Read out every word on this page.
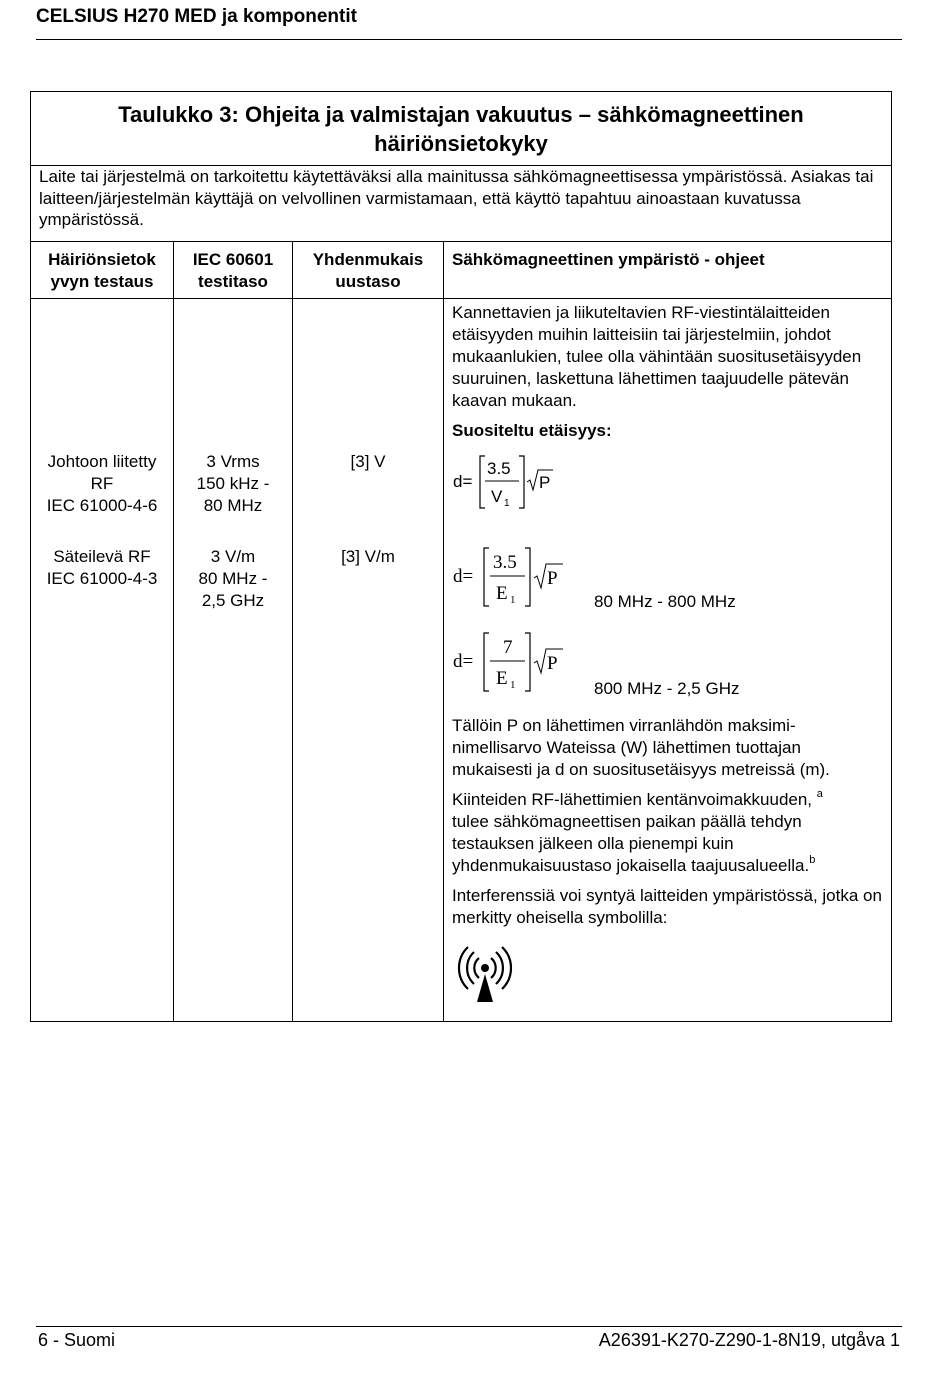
CELSIUS H270 MED ja komponentit
Taulukko 3: Ohjeita ja valmistajan vakuutus – sähkömagneettinen
häiriönsietokyky
Laite tai järjestelmä on tarkoitettu käytettäväksi alla mainitussa sähkömagneettisessa ympäristössä. Asiakas tai laitteen/järjestelmän käyttäjä on velvollinen varmistamaan, että käyttö tapahtuu ainoastaan kuvatussa ympäristössä.
Häiriönsietok
yvyn testaus
IEC 60601
testitaso
Yhdenmukais
uustaso
Sähkömagneettinen ympäristö - ohjeet
Kannettavien ja liikuteltavien RF-viestintälaitteiden etäisyyden muihin laitteisiin tai järjestelmiin, johdot mukaanlukien, tulee olla vähintään suositusetäisyyden suuruinen, laskettuna lähettimen taajuudelle pätevän kaavan mukaan.
Suositeltu etäisyys:
Johtoon liitetty
RF
IEC 61000-4-6
3 Vrms
150 kHz -
80 MHz
[3] V
d=
3.5
V 1
P
Säteilevä RF
IEC 61000-4-3
3 V/m
80 MHz -
2,5 GHz
[3] V/m
d=
3.5
E 1
P
80 MHz - 800 MHz
d=
7
E 1
P
800 MHz - 2,5 GHz
Tällöin P on lähettimen virranlähdön maksimi-nimellisarvo Wateissa (W) lähettimen tuottajan mukaisesti ja d on suositusetäisyys metreissä (m).
Kiinteiden RF-lähettimien kentänvoimakkuuden, $^a$
tulee sähkömagneettisen paikan päällä tehdyn
testauksen jälkeen olla pienempi kuin
yhdenmukaisuustaso jokaisella taajuusalueella.$^b$
Interferenssiä voi syntyä laitteiden ympäristössä, jotka on merkitty oheisella symbolilla:
6 - Suomi	A26391-K270-Z290-1-8N19, utgåva 1
